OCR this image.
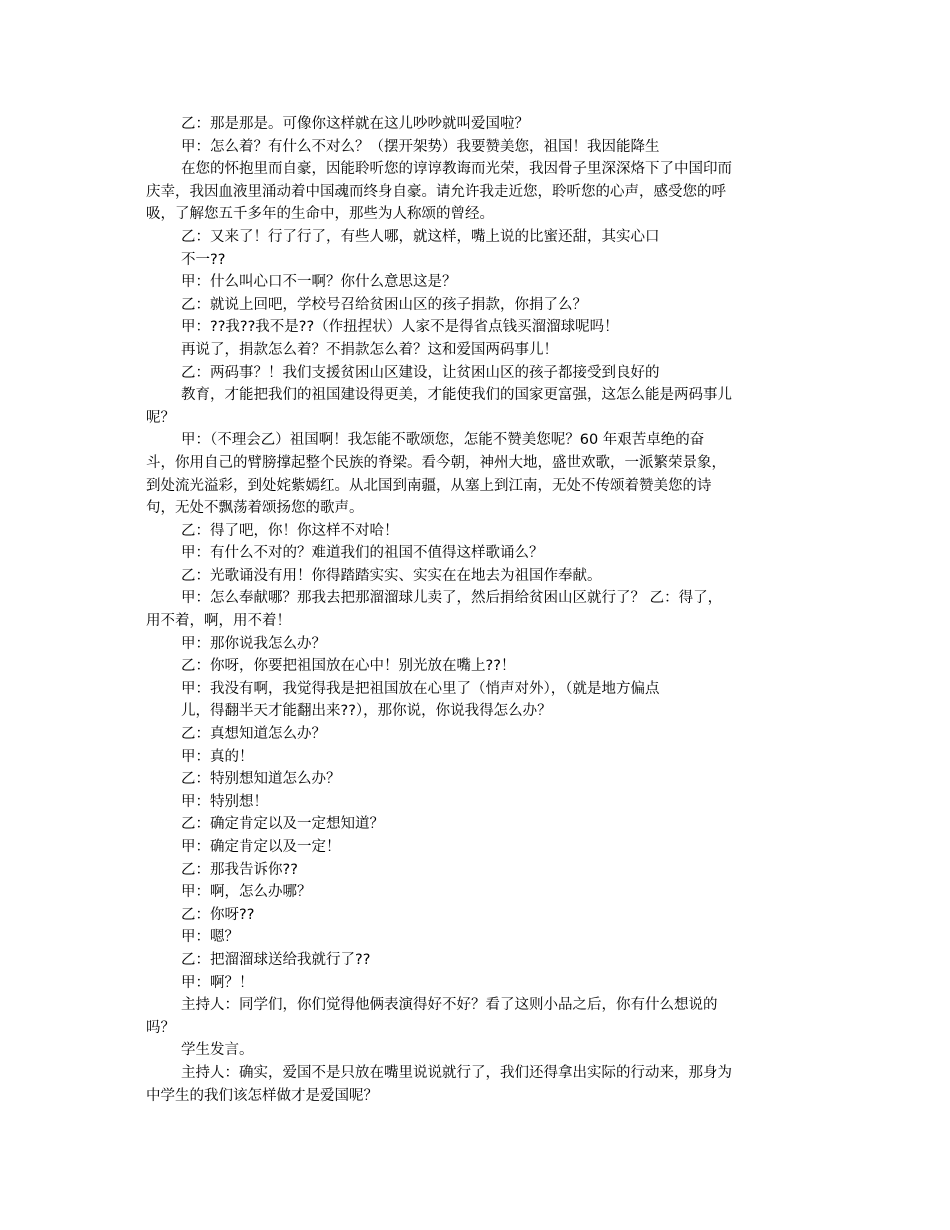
乙：那是那是。可像你这样就在这儿吵吵就叫爱国啦？
甲：怎么着？有什么不对么？（摆开架势）我要赞美您，祖国！我因能降生
在您的怀抱里而自豪，因能聆听您的谆谆教诲而光荣，我因骨子里深深烙下了中国印而
庆幸，我因血液里涌动着中国魂而终身自豪。请允许我走近您，聆听您的心声，感受您的呼
吸，了解您五千多年的生命中，那些为人称颂的曾经。
乙：又来了！行了行了，有些人哪，就这样，嘴上说的比蜜还甜，其实心口
不一??
甲：什么叫心口不一啊？你什么意思这是？
乙：就说上回吧，学校号召给贫困山区的孩子捐款，你捐了么？
甲：??我??我不是??（作扭捏状）人家不是得省点钱买溜溜球呢吗！
再说了，捐款怎么着？不捐款怎么着？这和爱国两码事儿！
乙：两码事？！我们支援贫困山区建设，让贫困山区的孩子都接受到良好的
教育，才能把我们的祖国建设得更美，才能使我们的国家更富强，这怎么能是两码事儿
呢？
甲：（不理会乙）祖国啊！我怎能不歌颂您，怎能不赞美您呢？60 年艰苦卓绝的奋
斗，你用自己的臂膀撑起整个民族的脊梁。看今朝，神州大地，盛世欢歌，一派繁荣景象，
到处流光溢彩，到处姹紫嫣红。从北国到南疆，从塞上到江南，无处不传颂着赞美您的诗
句，无处不飘荡着颂扬您的歌声。
乙：得了吧，你！你这样不对哈！
甲：有什么不对的？难道我们的祖国不值得这样歌诵么？
乙：光歌诵没有用！你得踏踏实实、实实在在地去为祖国作奉献。
甲：怎么奉献哪？那我去把那溜溜球儿卖了，然后捐给贫困山区就行了？ 乙：得了，
用不着，啊，用不着！
甲：那你说我怎么办？
乙：你呀，你要把祖国放在心中！别光放在嘴上??！
甲：我没有啊，我觉得我是把祖国放在心里了（悄声对外），（就是地方偏点
儿，得翻半天才能翻出来??），那你说，你说我得怎么办？
乙：真想知道怎么办？
甲：真的！
乙：特别想知道怎么办？
甲：特别想！
乙：确定肯定以及一定想知道？
甲：确定肯定以及一定！
乙：那我告诉你??
甲：啊，怎么办哪？
乙：你呀??
甲：嗯？
乙：把溜溜球送给我就行了??
甲：啊？！
主持人：同学们，你们觉得他俩表演得好不好？看了这则小品之后，你有什么想说的
吗？
学生发言。
主持人：确实，爱国不是只放在嘴里说说就行了，我们还得拿出实际的行动来，那身为
中学生的我们该怎样做才是爱国呢？
